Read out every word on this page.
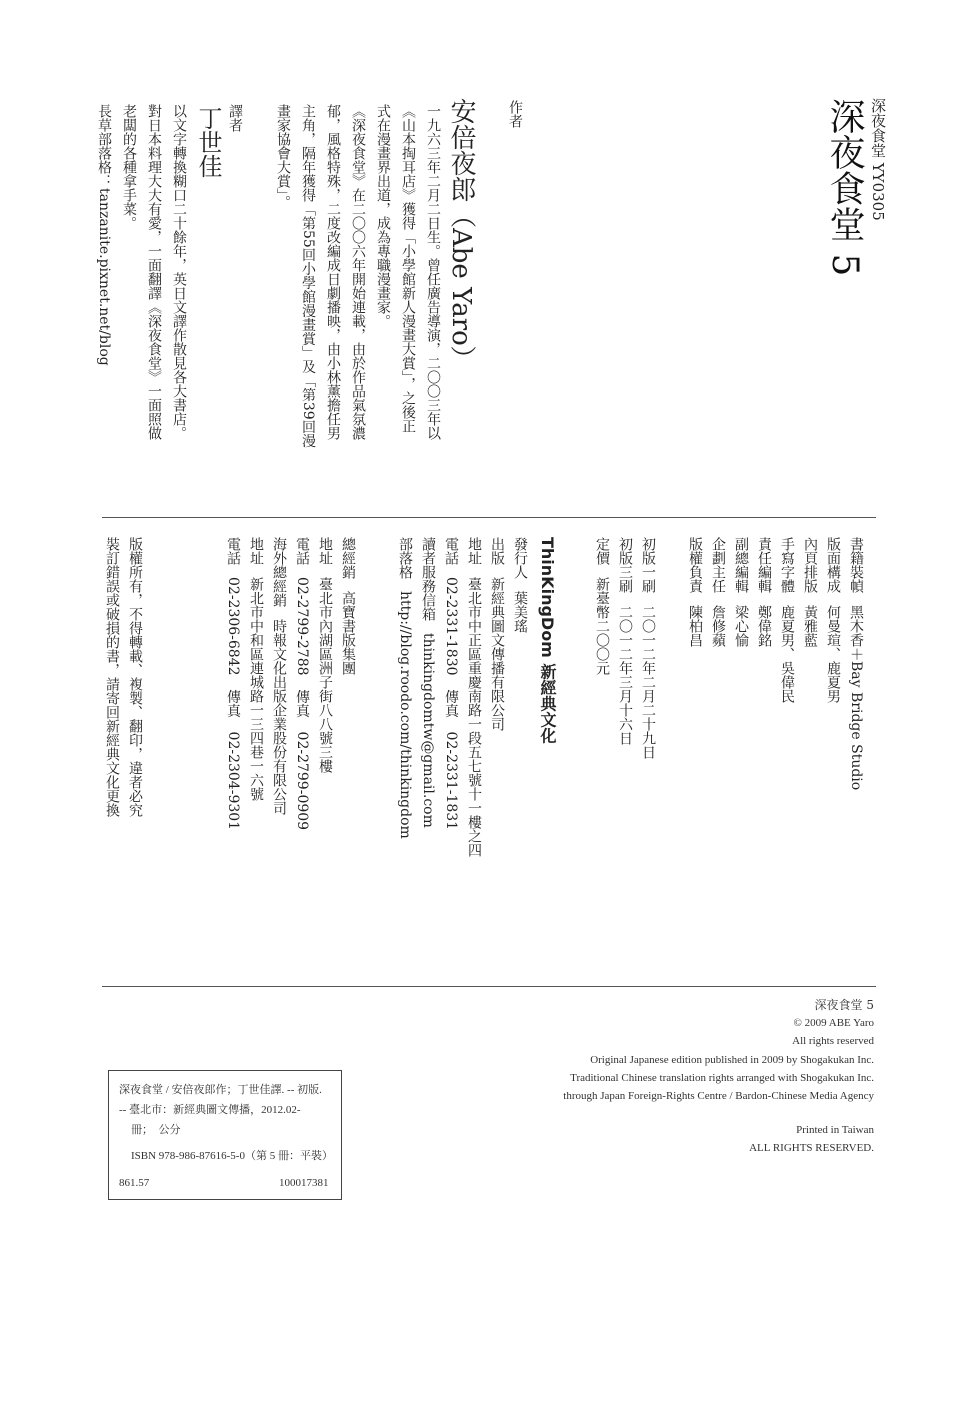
深夜食堂 YY0305
深夜食堂 5
作者
安倍夜郎（Abe Yaro）
一九六三年二月二日生。曾任廣告導演，二〇〇三年以
《山本掏耳店》獲得「小學館新人漫畫大賞」，之後正
式在漫畫界出道，成為專職漫畫家。
《深夜食堂》在二〇〇六年開始連載，由於作品氣氛濃
郁，風格特殊，二度改編成日劇播映，由小林薰擔任男
主角，隔年獲得「第55回小學館漫畫賞」及「第39回漫
畫家協會大賞」。
譯者
丁世佳
以文字轉換糊口二十餘年，英日文譯作散見各大書店。
對日本料理大大有愛，一面翻譯《深夜食堂》一面照做
老闆的各種拿手菜。
長草部落格：tanzanite.pixnet.net/blog
書籍裝幀黑木香＋Bay Bridge Studio
版面構成何曼瑄、鹿夏男
內頁排版黃雅藍
手寫字體鹿夏男、吳偉民
責任編輯鄭偉銘
副總編輯梁心愉
企劃主任詹修蘋
版權負責陳柏昌
初版一刷二〇一二年二月二十九日
初版三刷二〇一二年三月十六日
定價新臺幣二〇〇元
ThinKingDom 新經典文化
發行人葉美瑤
出版新經典圖文傳播有限公司
地址臺北市中正區重慶南路一段五七號十一樓之四
電話02-2331-1830　傳真　02-2331-1831
讀者服務信箱thinkingdomtw@gmail.com
部落格http://blog.roodo.com/thinkingdom
總經銷高寶書版集團
地址臺北市內湖區洲子街八八號三樓
電話02-2799-2788　傳真　02-2799-0909
海外總經銷時報文化出版企業股份有限公司
地址新北市中和區連城路一三四巷一六號
電話02-2306-6842　傳真　02-2304-9301
版權所有，不得轉載、複製、翻印，違者必究
裝訂錯誤或破損的書，請寄回新經典文化更換
深夜食堂 5
© 2009 ABE Yaro
All rights reserved
Original Japanese edition published in 2009 by Shogakukan Inc.
Traditional Chinese translation rights arranged with Shogakukan Inc.
through Japan Foreign-Rights Centre / Bardon-Chinese Media Agency
Printed in Taiwan
ALL RIGHTS RESERVED.
深夜食堂 / 安倍夜郎作；丁世佳譯. -- 初版.
-- 臺北市：新經典圖文傳播，2012.02-
冊；　公分
ISBN 978-986-87616-5-0（第 5 冊：平裝）
861.57	100017381
